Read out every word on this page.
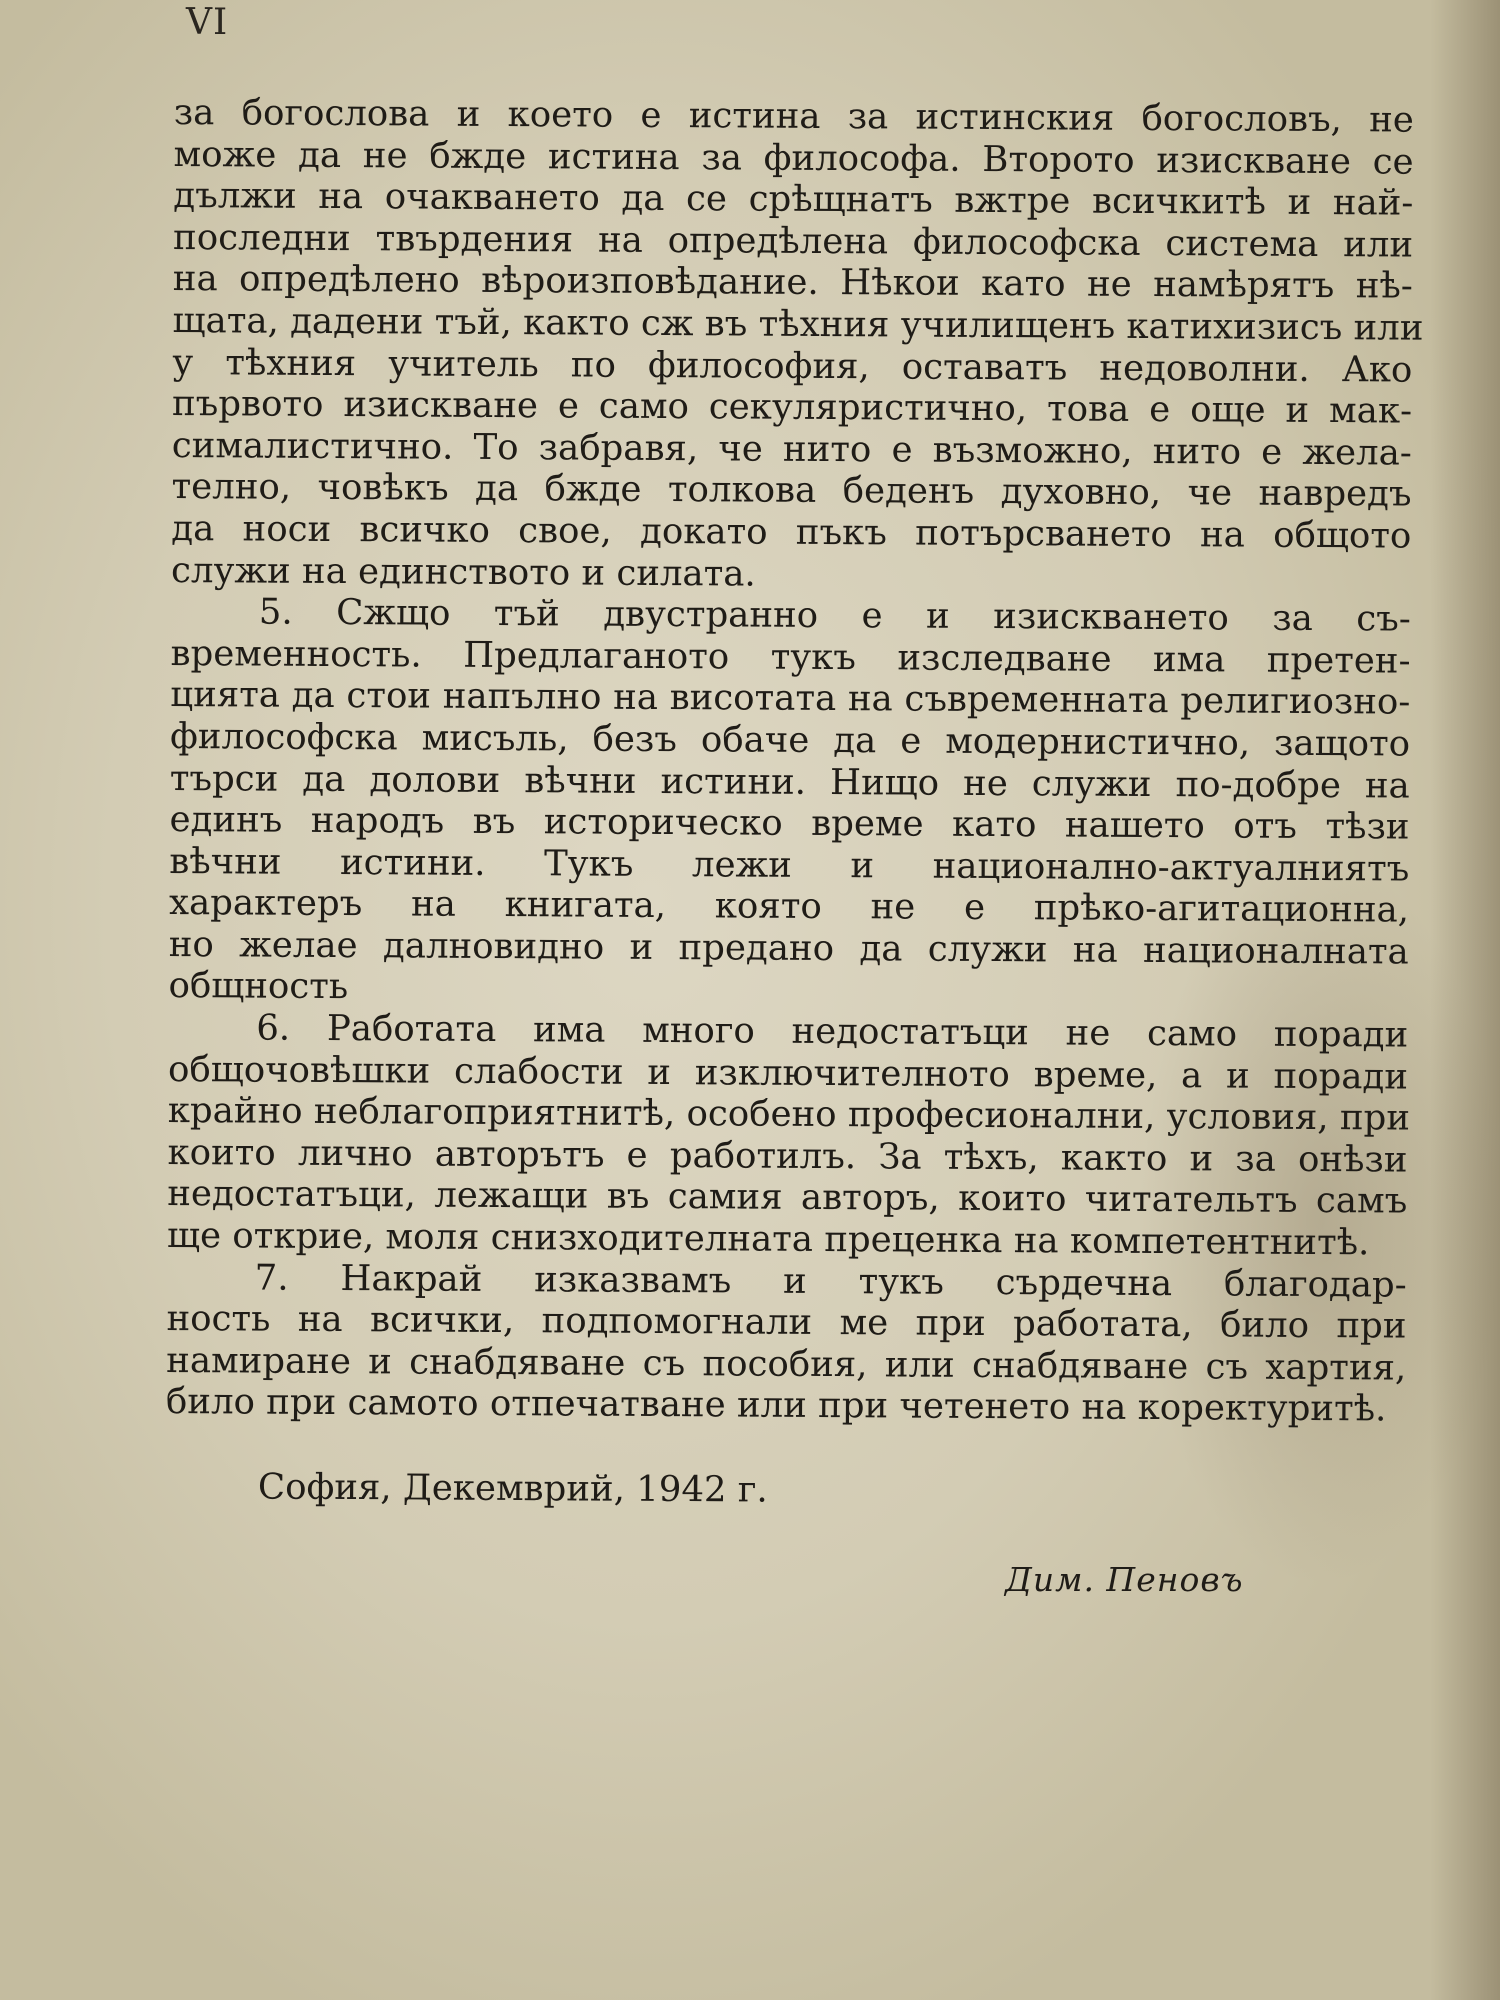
VI
за богослова и което е истина за истинския богословъ, не
може да не бжде истина за философа. Второто изискване се
дължи на очакването да се срѣщнатъ вжтре всичкитѣ и най-
последни твърдения на опредѣлена философска система или
на опредѣлено вѣроизповѣдание. Нѣкои като не намѣрятъ нѣ-
щата, дадени тъй, както сж въ тѣхния училищенъ катихизисъ или
у тѣхния учитель по философия, оставатъ недоволни. Ако
първото изискване е само секуляристично, това е още и мак-
сималистично. То забравя, че нито е възможно, нито е жела-
телно, човѣкъ да бжде толкова беденъ духовно, че навредъ
да носи всичко свое, докато пъкъ потърсването на общото
служи на единството и силата.
5. Сжщо тъй двустранно е и изискването за съ-
временность. Предлаганото тукъ изследване има претен-
цията да стои напълно на висотата на съвременната религиозно-
философска мисъль, безъ обаче да е модернистично, защото
търси да долови вѣчни истини. Нищо не служи по-добре на
единъ народъ въ историческо време като нашето отъ тѣзи
вѣчни истини. Тукъ лежи и национално-актуалниятъ
характеръ на книгата, която не е прѣко-агитационна,
но желае далновидно и предано да служи на националната
общность
6. Работата има много недостатъци не само поради
общочовѣшки слабости и изключителното време, а и поради
крайно неблагоприятнитѣ, особено професионални, условия, при
които лично авторътъ е работилъ. За тѣхъ, както и за онѣзи
недостатъци, лежащи въ самия авторъ, които читательтъ самъ
ще открие, моля снизходителната преценка на компетентнитѣ.
7. Накрай изказвамъ и тукъ сърдечна благодар-
ность на всички, подпомогнали ме при работата, било при
намиране и снабдяване съ пособия, или снабдяване съ хартия,
било при самото отпечатване или при четенето на коректуритѣ.
София, Декемврий, 1942 г.
Дим. Пеновъ
